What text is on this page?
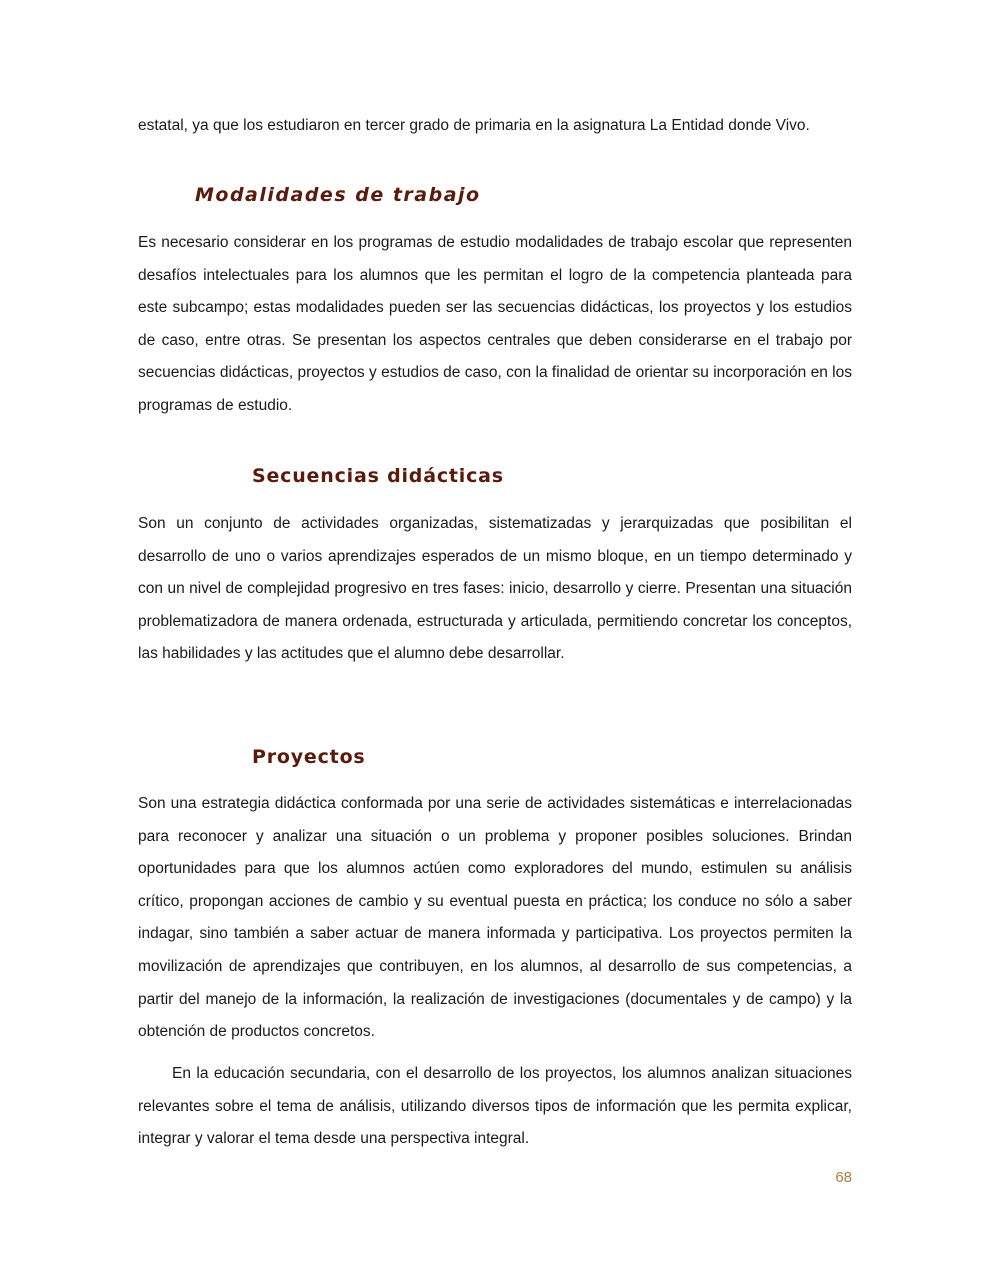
estatal, ya que los estudiaron en tercer grado de primaria en la asignatura La Entidad donde Vivo.

Modalidades de trabajo

Es necesario considerar en los programas de estudio modalidades de trabajo escolar que representen desafíos intelectuales para los alumnos que les permitan el logro de la competencia planteada para este subcampo; estas modalidades pueden ser las secuencias didácticas, los proyectos y los estudios de caso, entre otras. Se presentan los aspectos centrales que deben considerarse en el trabajo por secuencias didácticas, proyectos y estudios de caso, con la finalidad de orientar su incorporación en los programas de estudio.

Secuencias didácticas

Son un conjunto de actividades organizadas, sistematizadas y jerarquizadas que posibilitan el desarrollo de uno o varios aprendizajes esperados de un mismo bloque, en un tiempo determinado y con un nivel de complejidad progresivo en tres fases: inicio, desarrollo y cierre. Presentan una situación problematizadora de manera ordenada, estructurada y articulada, permitiendo concretar los conceptos, las habilidades y las actitudes que el alumno debe desarrollar.

Proyectos

Son una estrategia didáctica conformada por una serie de actividades sistemáticas e interrelacionadas para reconocer y analizar una situación o un problema y proponer posibles soluciones. Brindan oportunidades para que los alumnos actúen como exploradores del mundo, estimulen su análisis crítico, propongan acciones de cambio y su eventual puesta en práctica; los conduce no sólo a saber indagar, sino también a saber actuar de manera informada y participativa. Los proyectos permiten la movilización de aprendizajes que contribuyen, en los alumnos, al desarrollo de sus competencias, a partir del manejo de la información, la realización de investigaciones (documentales y de campo) y la obtención de productos concretos.

En la educación secundaria, con el desarrollo de los proyectos, los alumnos analizan situaciones relevantes sobre el tema de análisis, utilizando diversos tipos de información que les permita explicar, integrar y valorar el tema desde una perspectiva integral.

68
